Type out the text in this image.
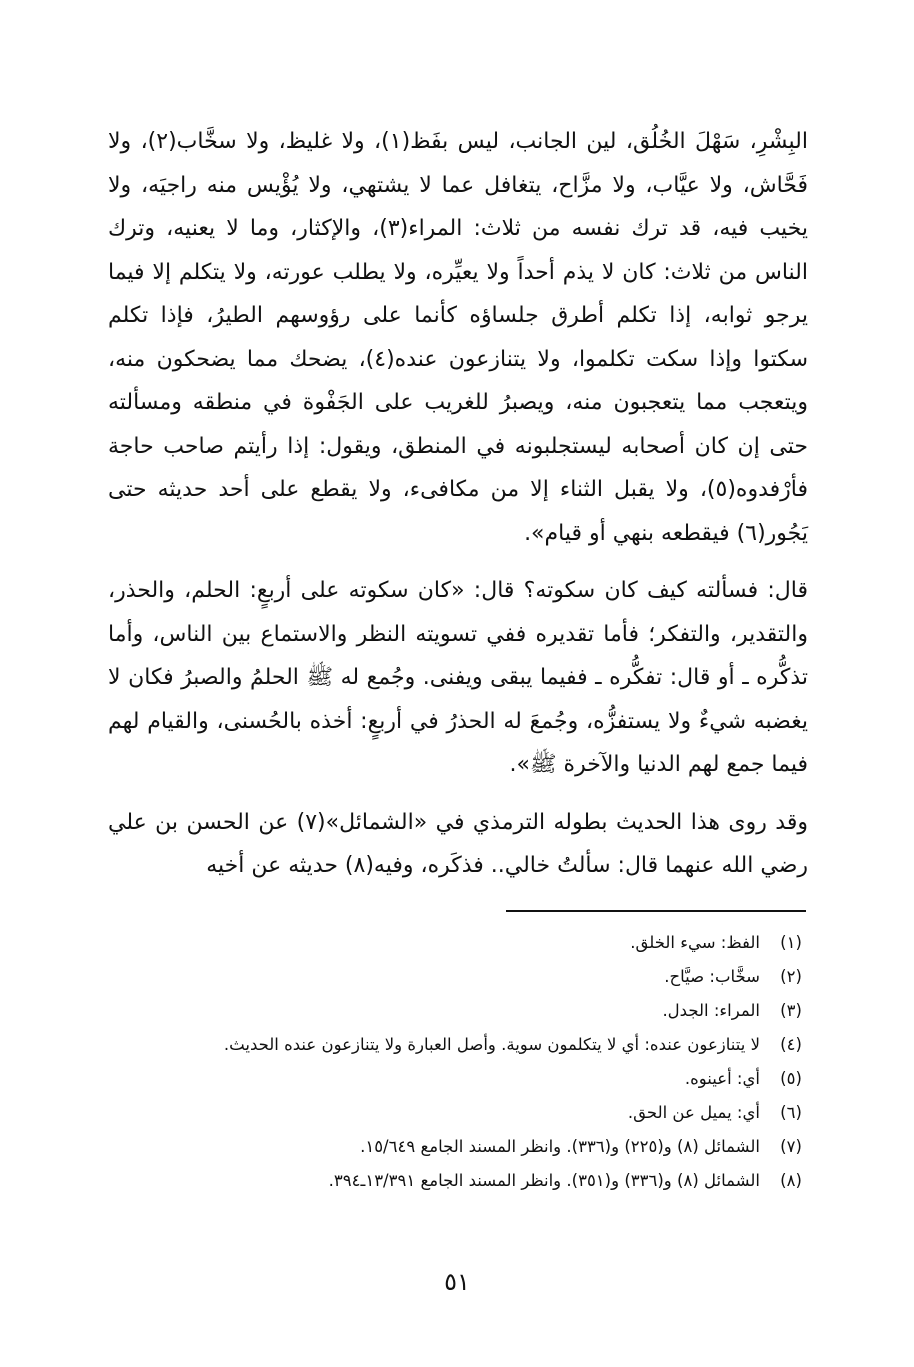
البِشْرِ، سَهْلَ الخُلُق، لين الجانب، ليس بفَظ(١)، ولا غليظ، ولا سخَّاب(٢)، ولا فَحَّاش، ولا عيَّاب، ولا مزَّاح، يتغافل عما لا يشتهي، ولا يُؤْيس منه راجيَه، ولا يخيب فيه، قد ترك نفسه من ثلاث: المراء(٣)، والإكثار، وما لا يعنيه، وترك الناس من ثلاث: كان لا يذم أحداً ولا يعيِّره، ولا يطلب عورته، ولا يتكلم إلا فيما يرجو ثوابه، إذا تكلم أطرق جلساؤه كأنما على رؤوسهم الطيرُ، فإذا تكلم سكتوا وإذا سكت تكلموا، ولا يتنازعون عنده(٤)، يضحك مما يضحكون منه، ويتعجب مما يتعجبون منه، ويصبرُ للغريب على الجَفْوة في منطقه ومسألته حتى إن كان أصحابه ليستجلبونه في المنطق، ويقول: إذا رأيتم صاحب حاجة فأرْفدوه(٥)، ولا يقبل الثناء إلا من مكافىء، ولا يقطع على أحد حديثه حتى يَجُور(٦) فيقطعه بنهي أو قيام».

قال: فسألته كيف كان سكوته؟ قال: «كان سكوته على أربعٍ: الحلم، والحذر، والتقدير، والتفكر؛ فأما تقديره ففي تسويته النظر والاستماع بين الناس، وأما تذكُّره ـ أو قال: تفكُّره ـ ففيما يبقى ويفنى. وجُمع له ﷺ الحلمُ والصبرُ فكان لا يغضبه شيءٌ ولا يستفزُّه، وجُمعَ له الحذرُ في أربعٍ: أخذه بالحُسنى، والقيام لهم فيما جمع لهم الدنيا والآخرة ﷺ».

وقد روى هذا الحديث بطوله الترمذي في «الشمائل»(٧) عن الحسن بن علي رضي الله عنهما قال: سألتُ خالي.. فذكَره، وفيه(٨) حديثه عن أخيه

(١)
الفظ: سيء الخلق.
(٢)
سخَّاب: صيَّاح.
(٣)
المراء: الجدل.
(٤)
لا يتنازعون عنده: أي لا يتكلمون سوية. وأصل العبارة ولا يتنازعون عنده الحديث.
(٥)
أي: أعينوه.
(٦)
أي: يميل عن الحق.
(٧)
الشمائل (٨) و(٢٢٥) و(٣٣٦). وانظر المسند الجامع ١٥/٦٤٩.
(٨)
الشمائل (٨) و(٣٣٦) و(٣٥١). وانظر المسند الجامع ١٣/٣٩١ـ٣٩٤.
٥١
